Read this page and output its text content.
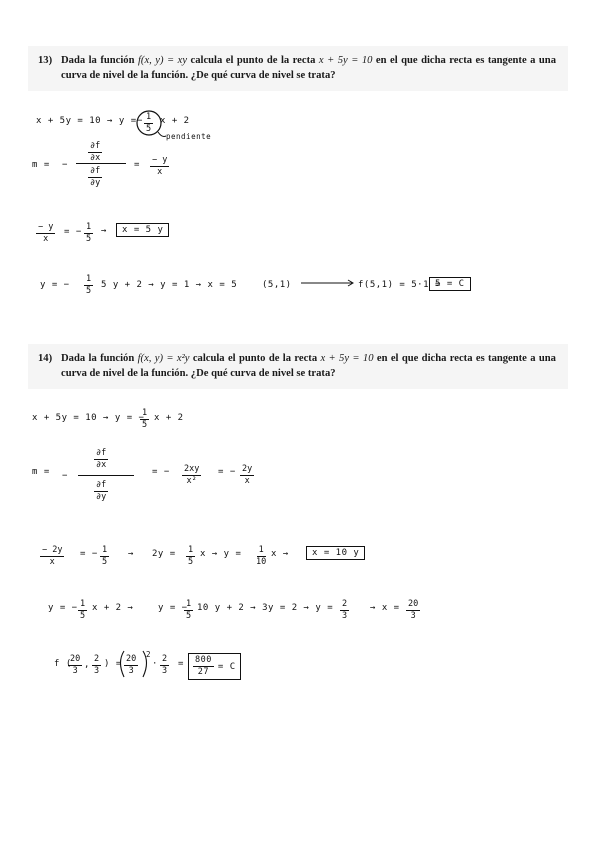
13) Dada la función f(x, y) = xy calcula el punto de la recta x + 5y = 10 en el que dicha recta es tangente a una curva de nivel de la función. ¿De qué curva de nivel se trata?
14) Dada la función f(x, y) = x²y calcula el punto de la recta x + 5y = 10 en el que dicha recta es tangente a una curva de nivel de la función. ¿De qué curva de nivel se trata?
x + 5y = 10 → y = − $\frac{1}{5}$ x + 2
pendiente
m = −
$\frac{\partial f}{\partial x}$
$\frac{\partial f}{\partial y}$
= $\frac{- y}{x}$
$\frac{- y}{x}$ = − $\frac{1}{5}$ →	x = 5 y
y = − $\frac{1}{5} 5$ y + 2 → y = 1 → x = 5	(5,1)	f(5,1) = 5·1 =
5 = C
x + 5y = 10 → y = −
$\frac{1}{5}$ x + 2
m = −
$\frac{\partial f}{\partial x}$
$\frac{\partial f}{\partial y}$
= − $\frac{2xy}{\text{x²}}$ = − $\frac{2y}{x}$
$\frac{- 2y}{x}$ = − $\frac{1}{5} \to 2y = \frac{1}{5}$ $x \to y = \frac{1}{10}$ x →	x = 10 y
y = − $\frac{1}{5}$ x + 2 →	y = −
$\frac{1}{5} 10$ $y + 2 \to 3y = 2 \to y = \frac{2}{3} \to x = \frac{20}{3}$
f (
$\frac{20}{3}$ , $\frac{2}{3}$ ) = $\frac{20}{3} 2$
· $\frac{2}{3} = \frac{800}{27} = C$
